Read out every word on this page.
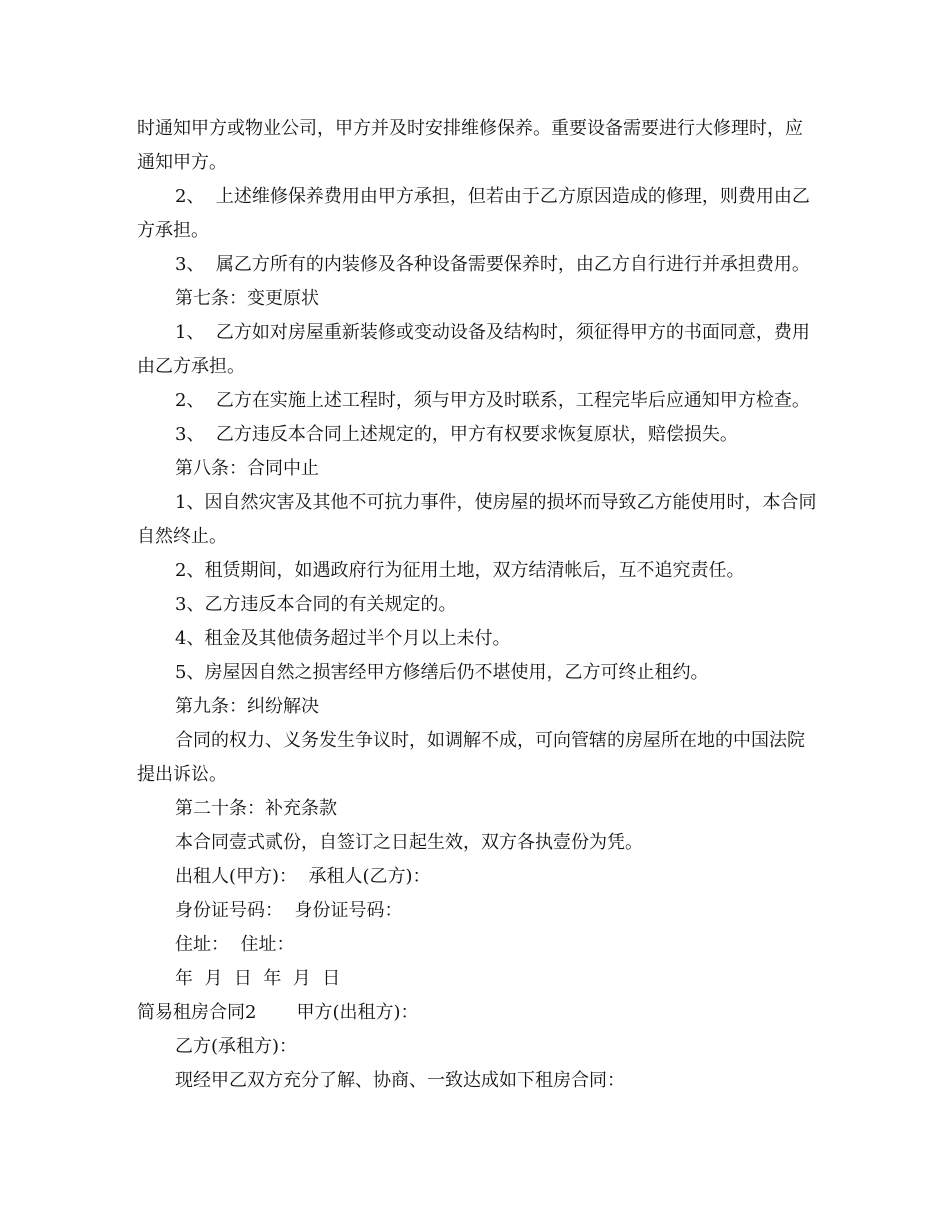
时通知甲方或物业公司，甲方并及时安排维修保养。重要设备需要进行大修理时，应通知甲方。

2、  上述维修保养费用由甲方承担，但若由于乙方原因造成的修理，则费用由乙方承担。

3、  属乙方所有的内装修及各种设备需要保养时，由乙方自行进行并承担费用。

第七条：变更原状

1、  乙方如对房屋重新装修或变动设备及结构时，须征得甲方的书面同意，费用由乙方承担。

2、  乙方在实施上述工程时，须与甲方及时联系，工程完毕后应通知甲方检查。

3、  乙方违反本合同上述规定的，甲方有权要求恢复原状，赔偿损失。

第八条：合同中止

1、因自然灾害及其他不可抗力事件，使房屋的损坏而导致乙方能使用时，本合同自然终止。

2、租赁期间，如遇政府行为征用土地，双方结清帐后，互不追究责任。

3、乙方违反本合同的有关规定的。

4、租金及其他债务超过半个月以上未付。

5、房屋因自然之损害经甲方修缮后仍不堪使用，乙方可终止租约。

第九条：纠纷解决

合同的权力、义务发生争议时，如调解不成，可向管辖的房屋所在地的中国法院提出诉讼。

第二十条：补充条款

本合同壹式贰份，自签订之日起生效，双方各执壹份为凭。

出租人(甲方)：  承租人(乙方)：

身份证号码：  身份证号码：

住址：  住址：

年  月  日  年  月  日

简易租房合同2       甲方(出租方)：

乙方(承租方)：

现经甲乙双方充分了解、协商、一致达成如下租房合同：
